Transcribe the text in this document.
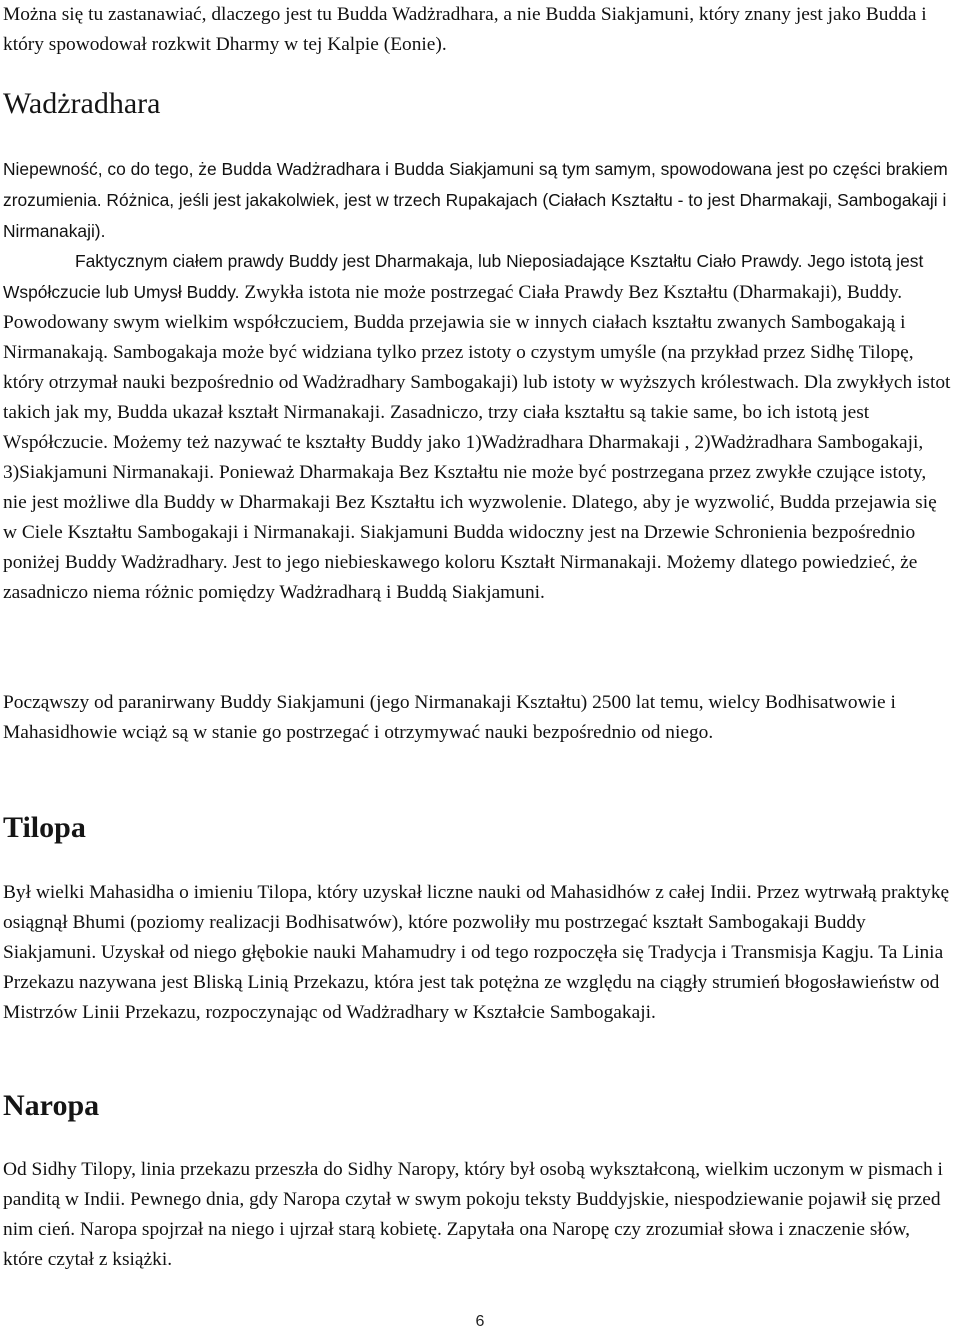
Można się tu zastanawiać, dlaczego jest tu Budda Wadżradhara, a nie Budda Siakjamuni, który znany jest jako Budda i który spowodował rozkwit Dharmy w tej Kalpie (Eonie).

Wadżradhara

Niepewność, co do tego, że Budda Wadżradhara i Budda Siakjamuni są tym samym, spowodowana jest po części brakiem zrozumienia. Różnica, jeśli jest jakakolwiek, jest w trzech Rupakajach (Ciałach Kształtu - to jest Dharmakaji, Sambogakaji i Nirmanakaji).

Faktycznym ciałem prawdy Buddy jest Dharmakaja, lub Nieposiadające Kształtu Ciało Prawdy. Jego istotą jest Współczucie lub Umysł Buddy. Zwykła istota nie może postrzegać Ciała Prawdy Bez Kształtu (Dharmakaji), Buddy. Powodowany swym wielkim współczuciem, Budda przejawia sie w innych ciałach kształtu zwanych Sambogakają i Nirmanakają. Sambogakaja może być widziana tylko przez istoty o czystym umyśle (na przykład przez Sidhę Tilopę, który otrzymał nauki bezpośrednio od Wadżradhary Sambogakaji) lub istoty w wyższych królestwach. Dla zwykłych istot takich jak my, Budda ukazał kształt Nirmanakaji. Zasadniczo, trzy ciała kształtu są takie same, bo ich istotą jest Współczucie. Możemy też nazywać te kształty Buddy jako 1)Wadżradhara Dharmakaji , 2)Wadżradhara Sambogakaji, 3)Siakjamuni Nirmanakaji. Ponieważ Dharmakaja Bez Kształtu nie może być postrzegana przez zwykłe czujące istoty, nie jest możliwe dla Buddy w Dharmakaji Bez Kształtu ich wyzwolenie. Dlatego, aby je wyzwolić, Budda przejawia się w Ciele Kształtu Sambogakaji i Nirmanakaji. Siakjamuni Budda widoczny jest na Drzewie Schronienia bezpośrednio poniżej Buddy Wadżradhary. Jest to jego niebieskawego koloru Kształt Nirmanakaji. Możemy dlatego powiedzieć, że zasadniczo niema różnic pomiędzy Wadżradharą i Buddą Siakjamuni.

Począwszy od paranirwany Buddy Siakjamuni (jego Nirmanakaji Kształtu) 2500 lat temu, wielcy Bodhisatwowie i Mahasidhowie wciąż są w stanie go postrzegać i otrzymywać nauki bezpośrednio od niego.

Tilopa

Był wielki Mahasidha o imieniu Tilopa, który uzyskał liczne nauki od Mahasidhów z całej Indii. Przez wytrwałą praktykę osiągnął Bhumi (poziomy realizacji Bodhisatwów), które pozwoliły mu postrzegać kształt Sambogakaji Buddy Siakjamuni. Uzyskał od niego głębokie nauki Mahamudry i od tego rozpoczęła się Tradycja i Transmisja Kagju. Ta Linia Przekazu nazywana jest Bliską Linią Przekazu, która jest tak potężna ze względu na ciągły strumień błogosławieństw od Mistrzów Linii Przekazu, rozpoczynając od Wadżradhary w Kształcie Sambogakaji.

Naropa

Od Sidhy Tilopy, linia przekazu przeszła do Sidhy Naropy, który był osobą wykształconą, wielkim uczonym w pismach i panditą w Indii. Pewnego dnia, gdy Naropa czytał w swym pokoju teksty Buddyjskie, niespodziewanie pojawił się przed nim cień. Naropa spojrzał na niego i ujrzał starą kobietę. Zapytała ona Naropę czy zrozumiał słowa i znaczenie słów, które czytał z książki.

6
